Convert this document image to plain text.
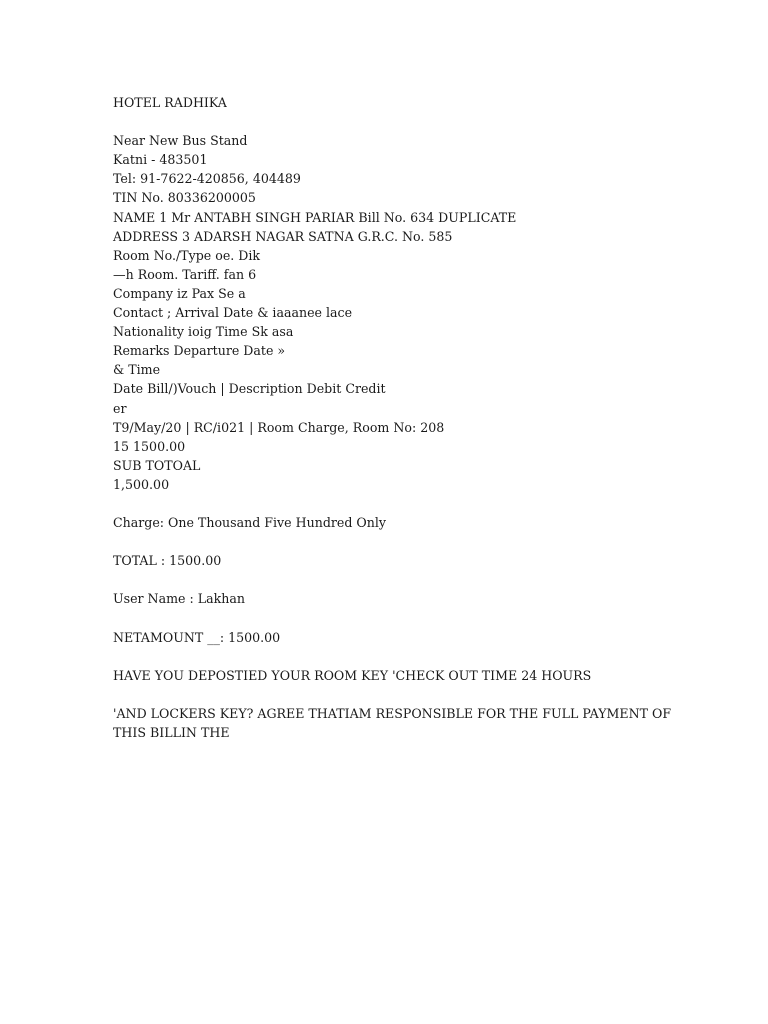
HOTEL RADHIKA
Near New Bus Stand
Katni - 483501
Tel: 91-7622-420856, 404489
TIN No. 80336200005
NAME 1 Mr ANTABH SINGH PARIAR Bill No. 634 DUPLICATE
ADDRESS 3 ADARSH NAGAR SATNA G.R.C. No. 585
Room No./Type oe. Dik
—h Room. Tariff. fan 6
Company iz Pax Se a
Contact ; Arrival Date & iaaanee lace
Nationality ioig Time Sk asa
Remarks Departure Date »
& Time
Date Bill/)Vouch | Description Debit Credit
er
T9/May/20 | RC/i021 | Room Charge, Room No: 208
15 1500.00
SUB TOTOAL
1,500.00
Charge: One Thousand Five Hundred Only
TOTAL : 1500.00
User Name : Lakhan
NETAMOUNT __: 1500.00
HAVE YOU DEPOSTIED YOUR ROOM KEY 'CHECK OUT TIME 24 HOURS
'AND LOCKERS KEY? AGREE THATIAM RESPONSIBLE FOR THE FULL PAYMENT OF THIS BILLIN THE
